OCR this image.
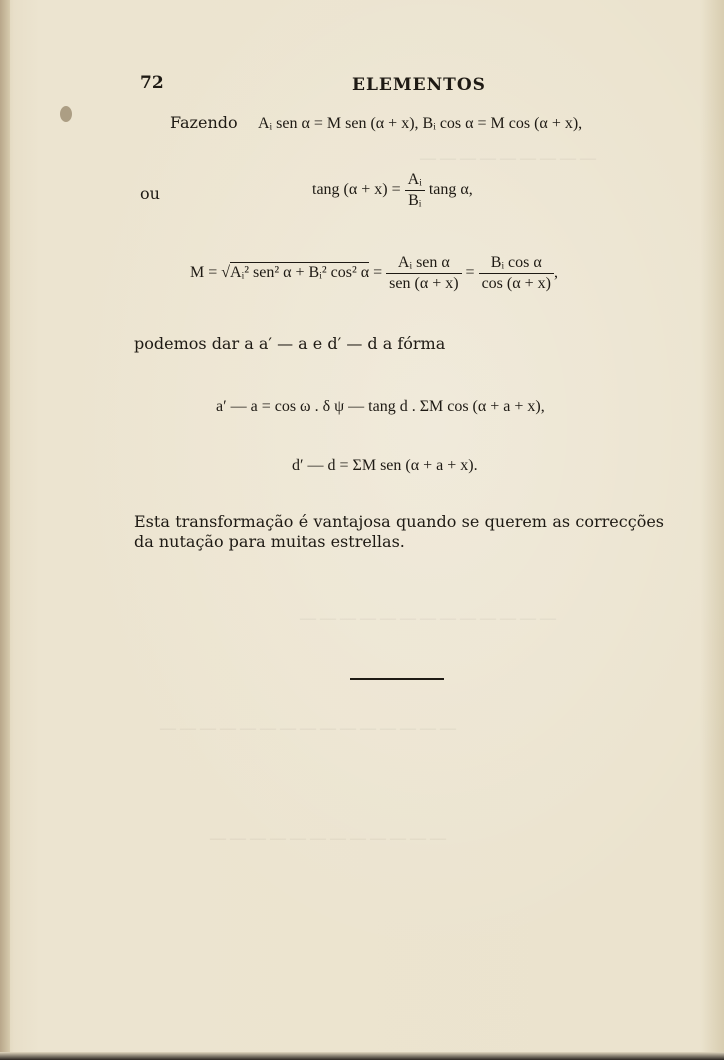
— — — — — — — — —
— — — — — — — — — — — — —
— — — — — — — — — — — — — — —
— — — — — — — — — — — —
72	ELEMENTOS
Fazendo Aᵢ sen α = M sen (α + x), Bᵢ cos α = M cos (α + x),
ou	tang $(\alpha + x) = \frac{\text{Aᵢ}}{\text{Bᵢ}}$ tang α,
M = √Aᵢ² sen² α + Bᵢ² cos² $\alpha = \frac{\text{Aᵢ sen α}}{\text{sen (α + x)}} = \frac{\text{Bᵢ cos α}}{\cos (\alpha + x)}$ ,
podemos dar a a′ — a e d′ — d a fórma
a′ — a = cos ω . δ ψ — tang d . ΣM cos (α + a + x),
d′ — d = ΣM sen (α + a + x).
Esta transformação é vantajosa quando se querem as correcções da nutação para muitas estrellas.
